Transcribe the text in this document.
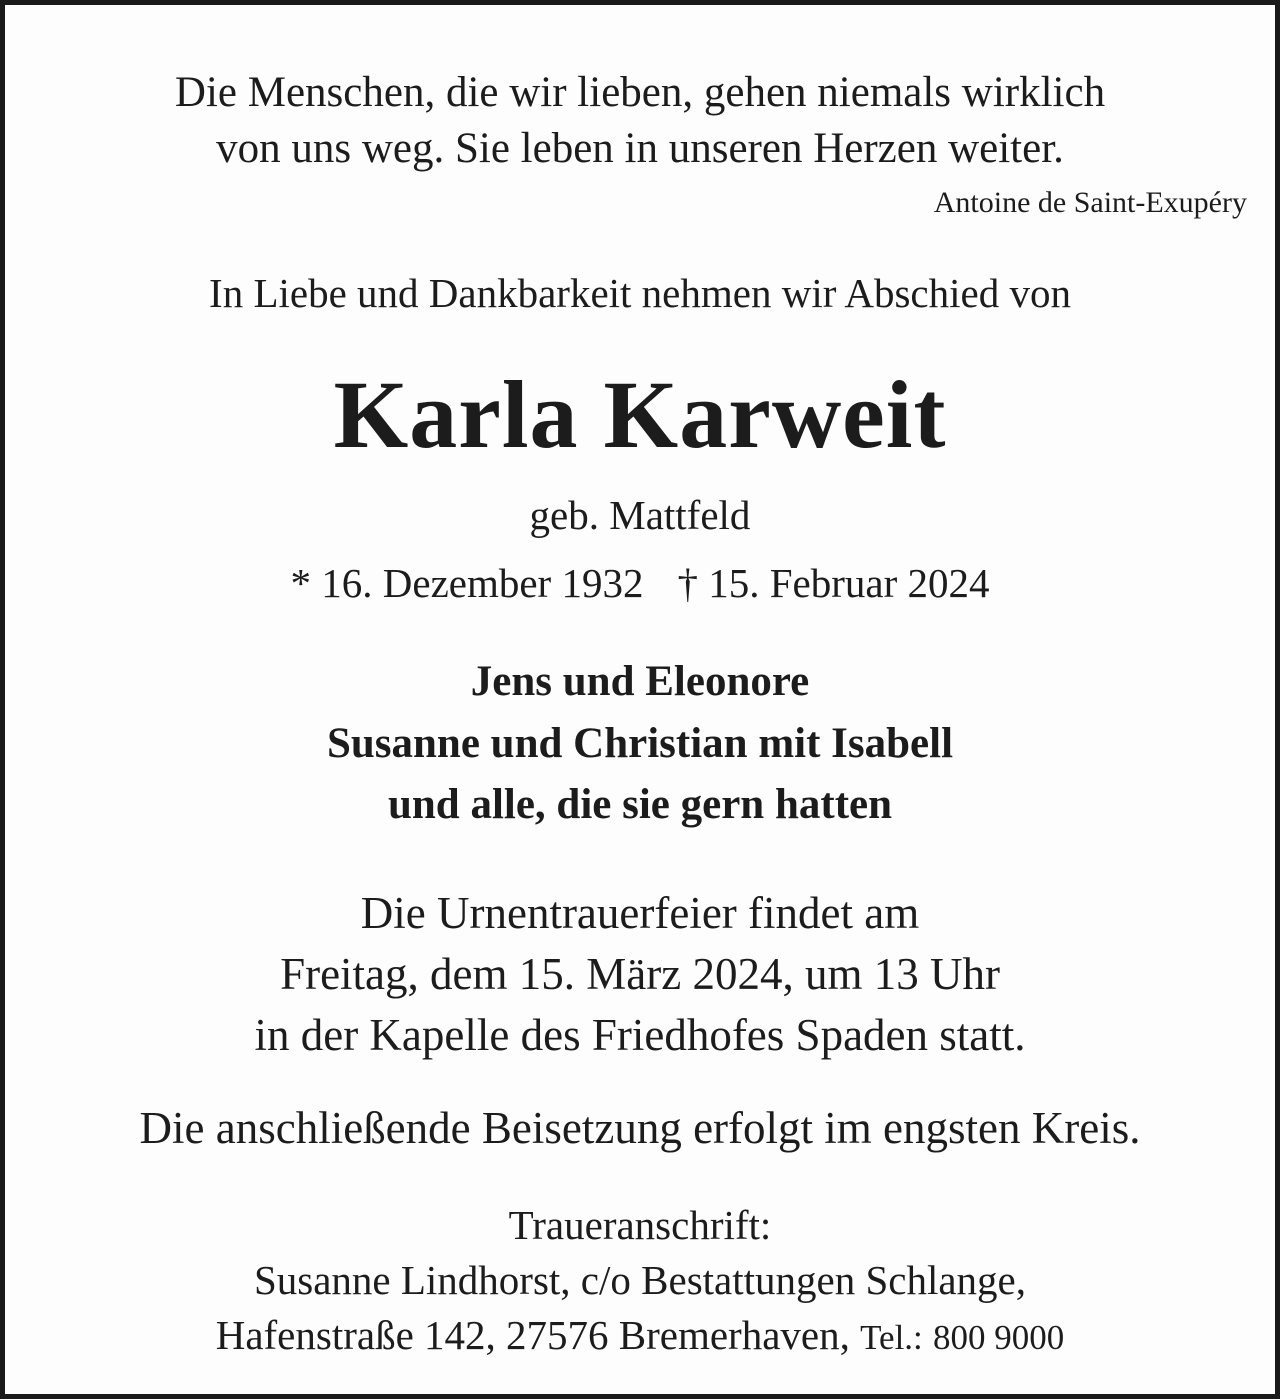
Die Menschen, die wir lieben, gehen niemals wirklich
von uns weg. Sie leben in unseren Herzen weiter.
Antoine de Saint-Exupéry
In Liebe und Dankbarkeit nehmen wir Abschied von
Karla Karweit
geb. Mattfeld
* 16. Dezember 1932 † 15. Februar 2024
Jens und Eleonore
Susanne und Christian mit Isabell
und alle, die sie gern hatten
Die Urnentrauerfeier findet am
Freitag, dem 15. März 2024, um 13 Uhr
in der Kapelle des Friedhofes Spaden statt.
Die anschließende Beisetzung erfolgt im engsten Kreis.
Traueranschrift:
Susanne Lindhorst, c/o Bestattungen Schlange,
Hafenstraße 142, 27576 Bremerhaven, Tel.: 800 9000
